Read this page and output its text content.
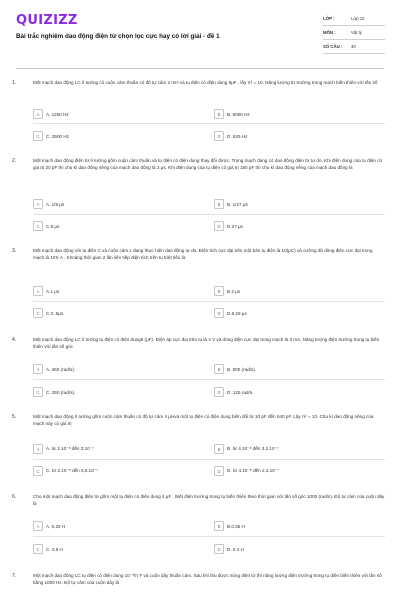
QUIZIZZ
Bài trắc nghiệm dao động điện từ chọn lọc cực hay có lời giải - đề 1
LỚP :	Lớp 12
MÔN :	Vật lý
SỐ CÂU :	30
1.	Một mạch dao động LC lí tưởng có cuộn cảm thuần có độ tự cảm 2 mH và tụ điện có điện dung 8μF , lấy π² = 10. Năng lượng từ trường trong mạch biến thiên với tần số
A	A. 1250 Hz	B	B. 5000 Hz
C	C. 2500 Hz	D	D. 625 Hz
2.	Một mạch dao động điện từ lí tưởng gồm cuộn cảm thuần và tụ điện có điện dung thay đổi được. Trong mạch đang có dao động điện từ tự do. Khi điện dung của tụ điện có giá trị 20 pF thì chu kì dao động riêng của mạch dao động là 3 μs. Khi điện dung của tụ điện có giá trị 180 pF thì chu kì dao động riêng của mạch dao động là
A	A. 1/9 μs	B	B. 1/27 μs
C	C.9 μs	D	D.27 μs
3.	Một mạch dao động với tụ điện C và cuộn cảm L đang thực hiện dao động tự do. Điện tích cực đại trên một bản tụ điện là 10(μC) và cường độ dòng điện cực đại trong mạch là 10π A . Khoảng thời gian 2 lần liên tiếp điện tích trên tụ triệt tiêu là
A	A.1 μs	B	B.2 μs
C	C.0 .5μs	D	D.6.28 μs
4.	Một mạch dao động LC lí tưởng tụ điện có điện dung6 (μF). Điện áp cực đại trên tụ là 4 V và dòng điện cực đại trong mạch là 3 mA. Năng lượng điện trường trong tụ biến thiên với tần số góc
A	A. 450 (rad/s).	B	B. 500 (rad/s).
C	C. 250 (rad/s).	D	D. 125 rad/s.
5.	Một mạch dao động lí tưởng gồm cuộn cảm thuần có độ tự cảm 4 μHvà một tụ điện có điện dung biến đổi từ 10 pF đến 640 pF. Lấy π² = 10. Chu kì dao động riêng của mạch này có giá trị
A	A. từ 2.10⁻⁸ đến 3.10⁻⁷	B	B. từ 4.10⁻⁸ đến 3,2.10⁻⁷
C	C. từ 2.10⁻⁸ đến 3,6.10⁻⁷	D	D. từ 4.10⁻⁸ đến 2,4.10⁻⁷
6.	Cho một mạch dao động điện từ gồm một tụ điện có điện dung 4 μF . Biết điện trường trong tụ biến thiên theo thời gian với tần số góc 1000 (rad/s). Độ tự cảm của cuộn dây là
A	A. 0,25 H	B	B.0,35 H
C	C. 0,5 H	D	D. 0.4 H
7.	Một mạch dao động LC tụ điện có điện dung 10⁻³/π F và cuộn dây thuần cảm. Sau khi thu được sóng điện từ thì năng lượng điện trường trong tụ điện biến thiên với tần số bằng 1000 Hz. Độ tự cảm của cuộn dây là
